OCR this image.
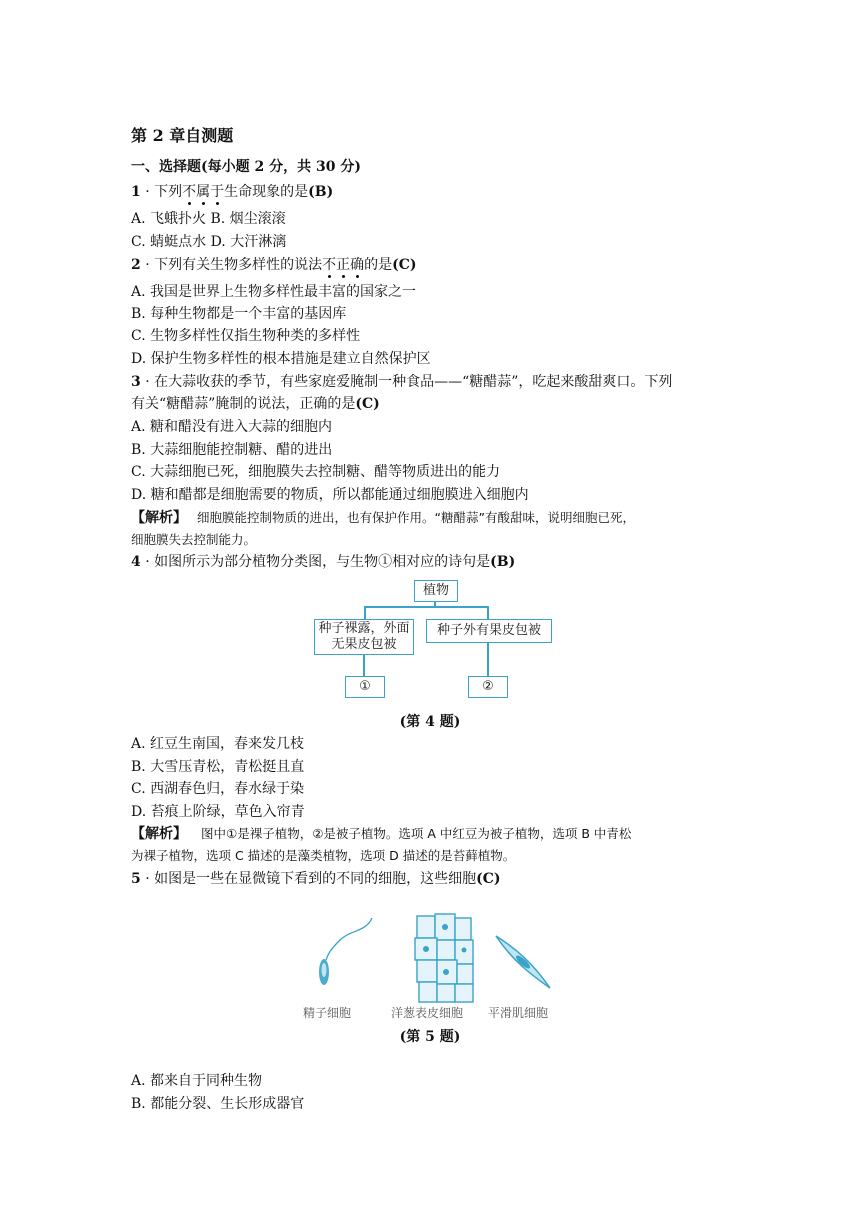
第 2 章自测题
一、选择题(每小题 2 分，共 30 分)
1 · 下列不属于生命现象的是(B)
A. 飞蛾扑火 B. 烟尘滚滚
C. 蜻蜓点水 D. 大汗淋漓
2 · 下列有关生物多样性的说法不正确的是(C)
A. 我国是世界上生物多样性最丰富的国家之一
B. 每种生物都是一个丰富的基因库
C. 生物多样性仅指生物种类的多样性
D. 保护生物多样性的根本措施是建立自然保护区
3 · 在大蒜收获的季节，有些家庭爱腌制一种食品——“糖醋蒜”，吃起来酸甜爽口。下列
有关“糖醋蒜”腌制的说法，正确的是(C)
A. 糖和醋没有进入大蒜的细胞内
B. 大蒜细胞能控制糖、醋的进出
C. 大蒜细胞已死，细胞膜失去控制糖、醋等物质进出的能力
D. 糖和醋都是细胞需要的物质，所以都能通过细胞膜进入细胞内
【解析】 细胞膜能控制物质的进出，也有保护作用。“糖醋蒜”有酸甜味，说明细胞已死，
细胞膜失去控制能力。
4 · 如图所示为部分植物分类图，与生物①相对应的诗句是(B)
植物
种子裸露，外面
无果皮包被
种子外有果皮包被
①	②
(第 4 题)
A. 红豆生南国，春来发几枝
B. 大雪压青松，青松挺且直
C. 西湖春色归，春水绿于染
D. 苔痕上阶绿，草色入帘青
【解析】 图中①是裸子植物，②是被子植物。选项 A 中红豆为被子植物，选项 B 中青松
为裸子植物，选项 C 描述的是藻类植物，选项 D 描述的是苔藓植物。
5 · 如图是一些在显微镜下看到的不同的细胞，这些细胞(C)
精子细胞	洋葱表皮细胞 平滑肌细胞
(第 5 题)
A. 都来自于同种生物
B. 都能分裂、生长形成器官
